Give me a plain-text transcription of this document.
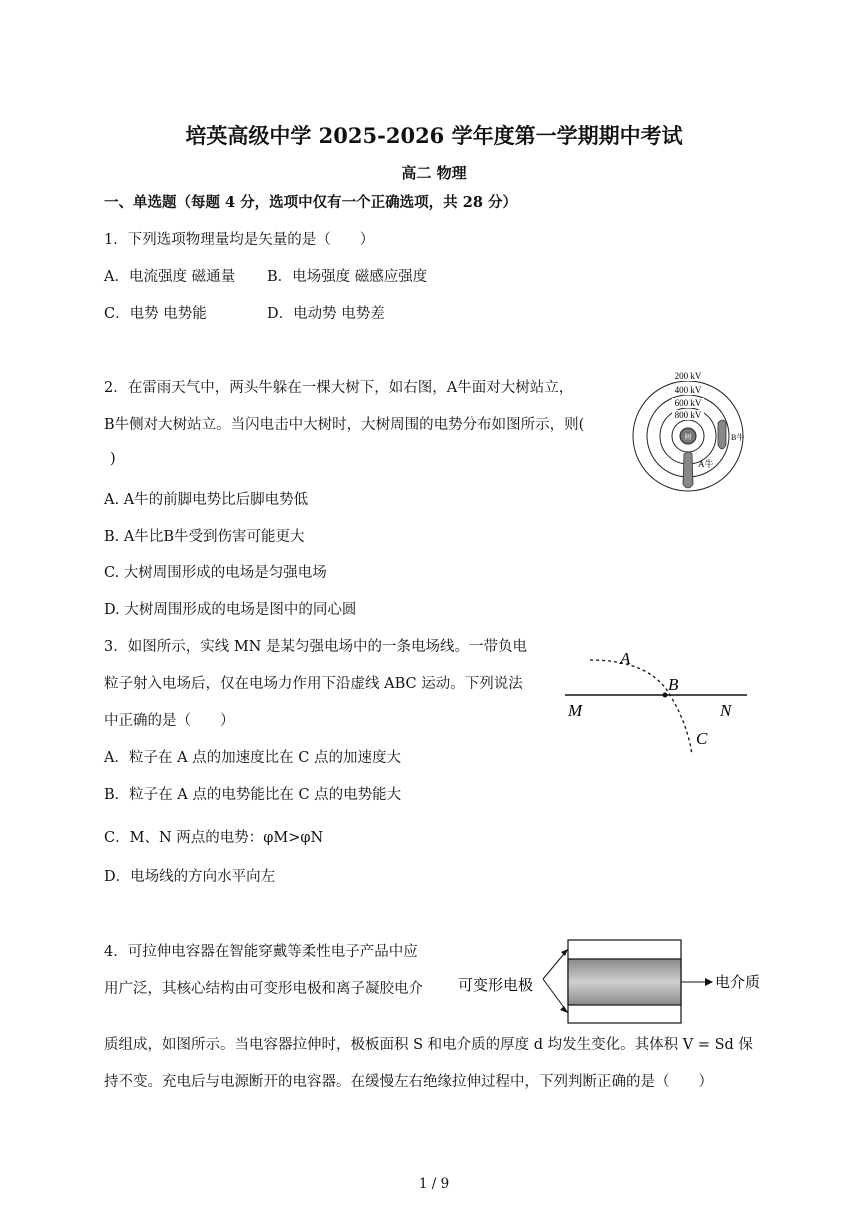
培英高级中学 2025-2026 学年度第一学期期中考试
高二 物理
一、单选题（每题 4 分，选项中仅有一个正确选项，共 28 分）
1．下列选项物理量均是矢量的是（　　）
A．电流强度 磁通量 B．电场强度 磁感应强度
C．电势 电势能	D．电动势 电势差
2．在雷雨天气中，两头牛躲在一棵大树下，如右图，A牛面对大树站立，
B牛侧对大树站立。当闪电击中大树时，大树周围的电势分布如图所示，则(
)
A. A牛的前脚电势比后脚电势低
B. A牛比B牛受到伤害可能更大
C. 大树周围形成的电场是匀强电场
D. 大树周围形成的电场是图中的同心圆
树
200 kV
400 kV
600 kV
800 kV
B牛
A牛
3．如图所示，实线 MN 是某匀强电场中的一条电场线。一带负电
粒子射入电场后，仅在电场力作用下沿虚线 ABC 运动。下列说法
中正确的是（　　）
A．粒子在 A 点的加速度比在 C 点的加速度大
B．粒子在 A 点的电势能比在 C 点的电势能大
C．M、N 两点的电势：φM>φN
D．电场线的方向水平向左
A
B
M	N
C
4．可拉伸电容器在智能穿戴等柔性电子产品中应
用广泛，其核心结构由可变形电极和离子凝胶电介
质组成，如图所示。当电容器拉伸时，极板面积 S 和电介质的厚度 d 均发生变化。其体积 V = Sd 保
持不变。充电后与电源断开的电容器。在缓慢左右绝缘拉伸过程中，下列判断正确的是（　　）
可变形电极	电介质
1 / 9
